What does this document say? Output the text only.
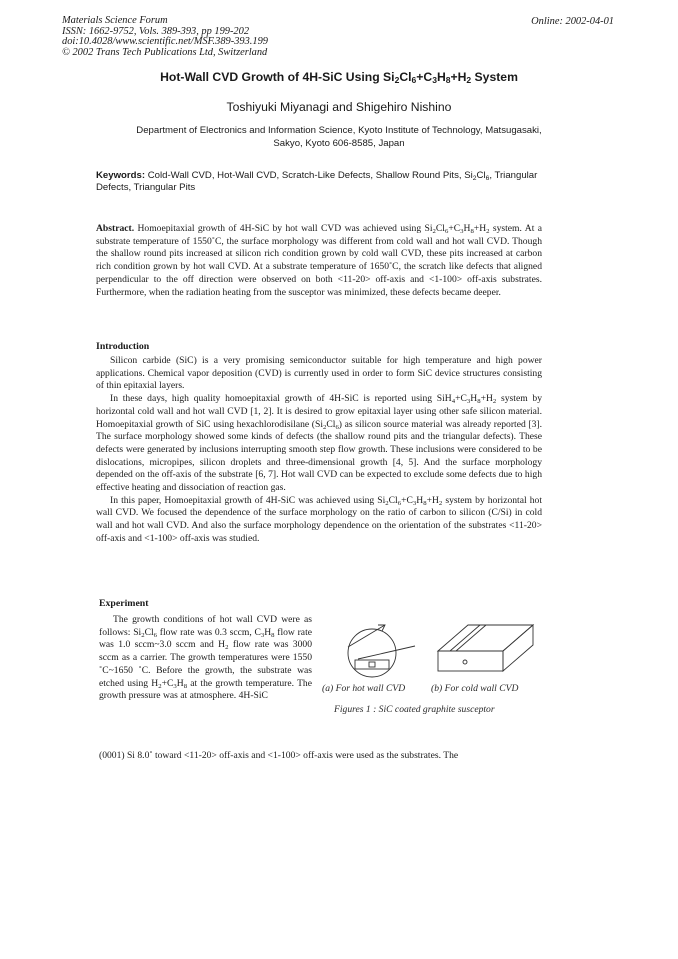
Materials Science Forum
ISSN: 1662-9752, Vols. 389-393, pp 199-202
doi:10.4028/www.scientific.net/MSF.389-393.199
© 2002 Trans Tech Publications Ltd, Switzerland
Online: 2002-04-01
Hot-Wall CVD Growth of 4H-SiC Using $Si_2Cl_6+C_3H_8+H_2$ System
Toshiyuki Miyanagi and Shigehiro Nishino
Department of Electronics and Information Science, Kyoto Institute of Technology, Matsugasaki,
Sakyo, Kyoto 606-8585, Japan
Keywords: Cold-Wall CVD, Hot-Wall CVD, Scratch-Like Defects, Shallow Round Pits, $Si_2Cl_6$, Triangular Defects, Triangular Pits
Abstract. Homoepitaxial growth of 4H-SiC by hot wall CVD was achieved using $Si_2Cl_6+C_3H_8+H_2$ system. At a substrate temperature of 1550˚C, the surface morphology was different from cold wall and hot wall CVD. Though the shallow round pits increased at silicon rich condition grown by cold wall CVD, these pits increased at carbon rich condition grown by hot wall CVD. At a substrate temperature of 1650˚C, the scratch like defects that aligned perpendicular to the off direction were observed on both <11-20> off-axis and <1-100> off-axis substrates. Furthermore, when the radiation heating from the susceptor was minimized, these defects became deeper.
Introduction

Silicon carbide (SiC) is a very promising semiconductor suitable for high temperature and high power applications. Chemical vapor deposition (CVD) is currently used in order to form SiC device structures consisting of thin epitaxial layers.

In these days, high quality homoepitaxial growth of 4H-SiC is reported using $SiH_4+C_3H_8+H_2$ system by horizontal cold wall and hot wall CVD [1, 2]. It is desired to grow epitaxial layer using other safe silicon material. Homoepitaxial growth of SiC using hexachlorodisilane $(Si_2Cl_6)$ as silicon source material was already reported [3]. The surface morphology showed some kinds of defects (the shallow round pits and the triangular defects). These defects were generated by inclusions interrupting smooth step flow growth. These inclusions were considered to be dislocations, micropipes, silicon droplets and three-dimensional growth [4, 5]. And the surface morphology depended on the off-axis of the substrate [6, 7]. Hot wall CVD can be expected to exclude some defects due to high effective heating and dissociation of reaction gas.

In this paper, Homoepitaxial growth of 4H-SiC was achieved using $Si_2Cl_6+C_3H_8+H_2$ system by horizontal hot wall CVD. We focused the dependence of the surface morphology on the ratio of carbon to silicon (C/Si) in cold wall and hot wall CVD. And also the surface morphology dependence on the orientation of the substrates <11-20> off-axis and <1-100> off-axis was studied.

Experiment

The growth conditions of hot wall CVD were as follows: $Si_2Cl_6$ flow rate was 0.3 sccm, $C_3H_8$ flow rate was 1.0 sccm~3.0 sccm and $H_2$ flow rate was 3000 sccm as a carrier. The growth temperatures were 1550 ˚C~1650 ˚C. Before the growth, the substrate was etched using $H_2+C_3H_8$ at the growth temperature. The growth pressure was at atmosphere. 4H-SiC

(0001) Si 8.0˚ toward <11-20> off-axis and <1-100> off-axis were used as the substrates. The
(a) For hot wall CVD	(b) For cold wall CVD
Figures 1 : SiC coated graphite susceptor
